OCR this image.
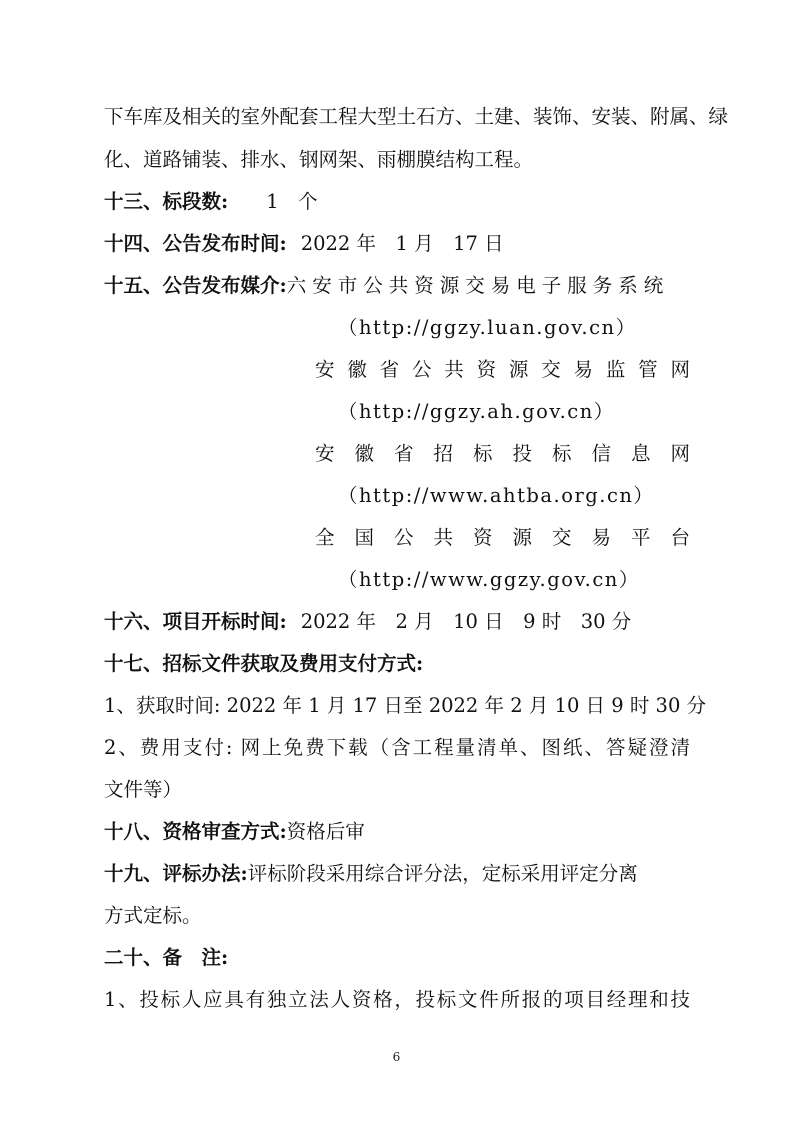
下车库及相关的室外配套工程大型土石方、土建、装饰、安装、附属、绿
化、道路铺装、排水、钢网架、雨棚膜结构工程。
十三、标段数: 1　个
十四、公告发布时间: 2022 年　1 月　17 日
十五、公告发布媒介:六安市公共资源交易电子服务系统
（http://ggzy.luan.gov.cn）
安徽省公共资源交易监管网
（http://ggzy.ah.gov.cn）
安徽省招标投标信息网
（http://www.ahtba.org.cn）
全国公共资源交易平台
（http://www.ggzy.gov.cn）
十六、项目开标时间: 2022 年　2 月　10 日　9 时　30 分
十七、招标文件获取及费用支付方式:
1、获取时间: 2022 年 1 月 17 日至 2022 年 2 月 10 日 9 时 30 分
2、费用支付: 网上免费下载（含工程量清单、图纸、答疑澄清
文件等）
十八、资格审查方式:资格后审
十九、评标办法:评标阶段采用综合评分法，定标采用评定分离
方式定标。
二十、备　注:
1、投标人应具有独立法人资格，投标文件所报的项目经理和技
6
